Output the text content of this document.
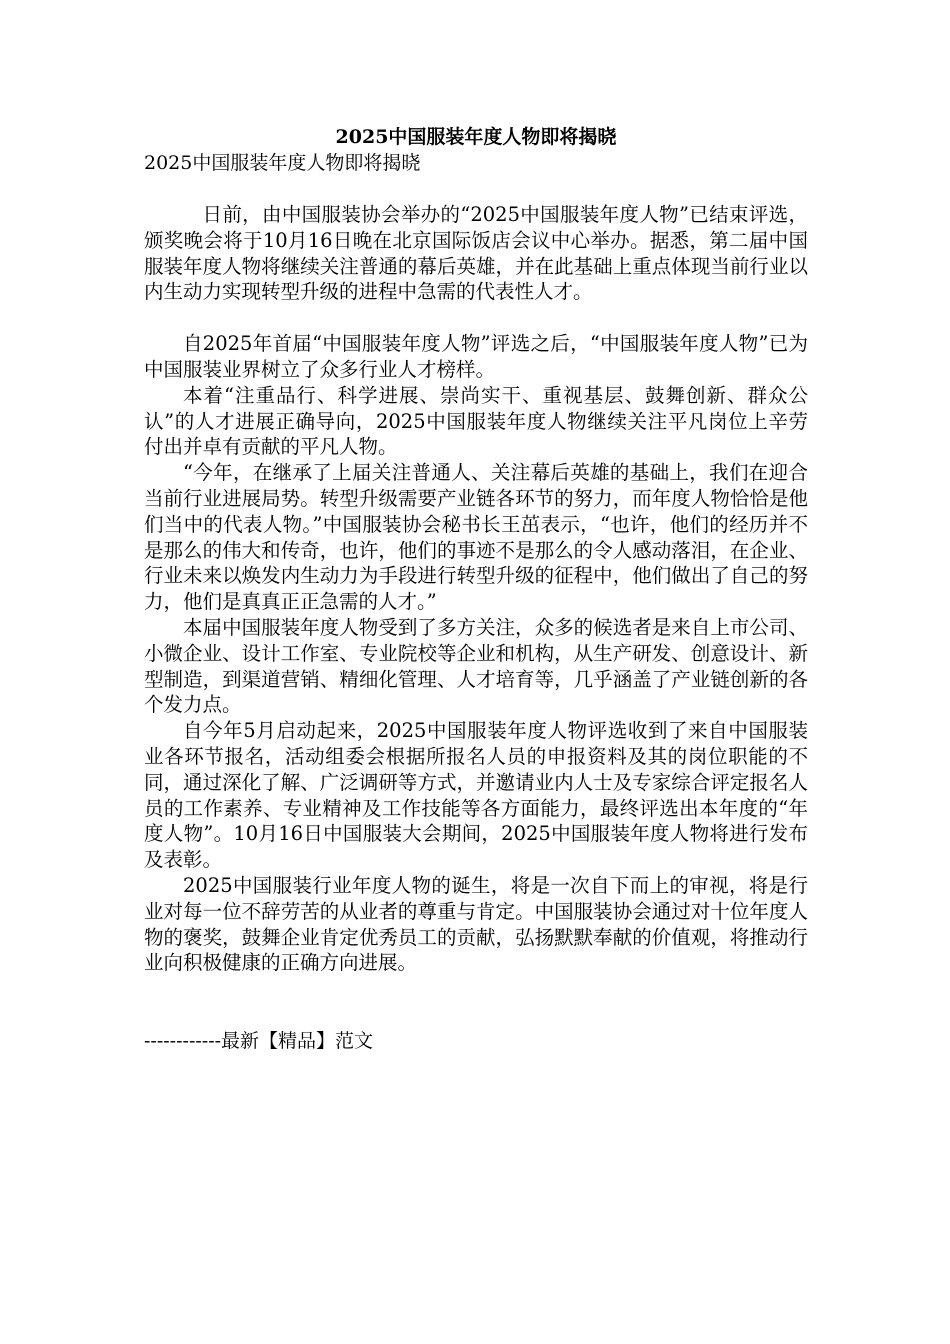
2025中国服装年度人物即将揭晓

2025中国服装年度人物即将揭晓

日前，由中国服装协会举办的“2025中国服装年度人物”已结束评选，颁奖晚会将于10月16日晚在北京国际饭店会议中心举办。据悉，第二届中国服装年度人物将继续关注普通的幕后英雄，并在此基础上重点体现当前行业以内生动力实现转型升级的进程中急需的代表性人才。

自2025年首届“中国服装年度人物”评选之后，“中国服装年度人物”已为中国服装业界树立了众多行业人才榜样。

本着“注重品行、科学进展、崇尚实干、重视基层、鼓舞创新、群众公认”的人才进展正确导向，2025中国服装年度人物继续关注平凡岗位上辛劳付出并卓有贡献的平凡人物。

“今年，在继承了上届关注普通人、关注幕后英雄的基础上，我们在迎合当前行业进展局势。转型升级需要产业链各环节的努力，而年度人物恰恰是他们当中的代表人物。”中国服装协会秘书长王茁表示，“也许，他们的经历并不是那么的伟大和传奇，也许，他们的事迹不是那么的令人感动落泪，在企业、行业未来以焕发内生动力为手段进行转型升级的征程中，他们做出了自己的努力，他们是真真正正急需的人才。”

本届中国服装年度人物受到了多方关注，众多的候选者是来自上市公司、小微企业、设计工作室、专业院校等企业和机构，从生产研发、创意设计、新型制造，到渠道营销、精细化管理、人才培育等，几乎涵盖了产业链创新的各个发力点。

自今年5月启动起来，2025中国服装年度人物评选收到了来自中国服装业各环节报名，活动组委会根据所报名人员的申报资料及其的岗位职能的不同，通过深化了解、广泛调研等方式，并邀请业内人士及专家综合评定报名人员的工作素养、专业精神及工作技能等各方面能力，最终评选出本年度的“年度人物”。10月16日中国服装大会期间，2025中国服装年度人物将进行发布及表彰。

2025中国服装行业年度人物的诞生，将是一次自下而上的审视，将是行业对每一位不辞劳苦的从业者的尊重与肯定。中国服装协会通过对十位年度人物的褒奖，鼓舞企业肯定优秀员工的贡献，弘扬默默奉献的价值观，将推动行业向积极健康的正确方向进展。

------------最新【精品】范文
